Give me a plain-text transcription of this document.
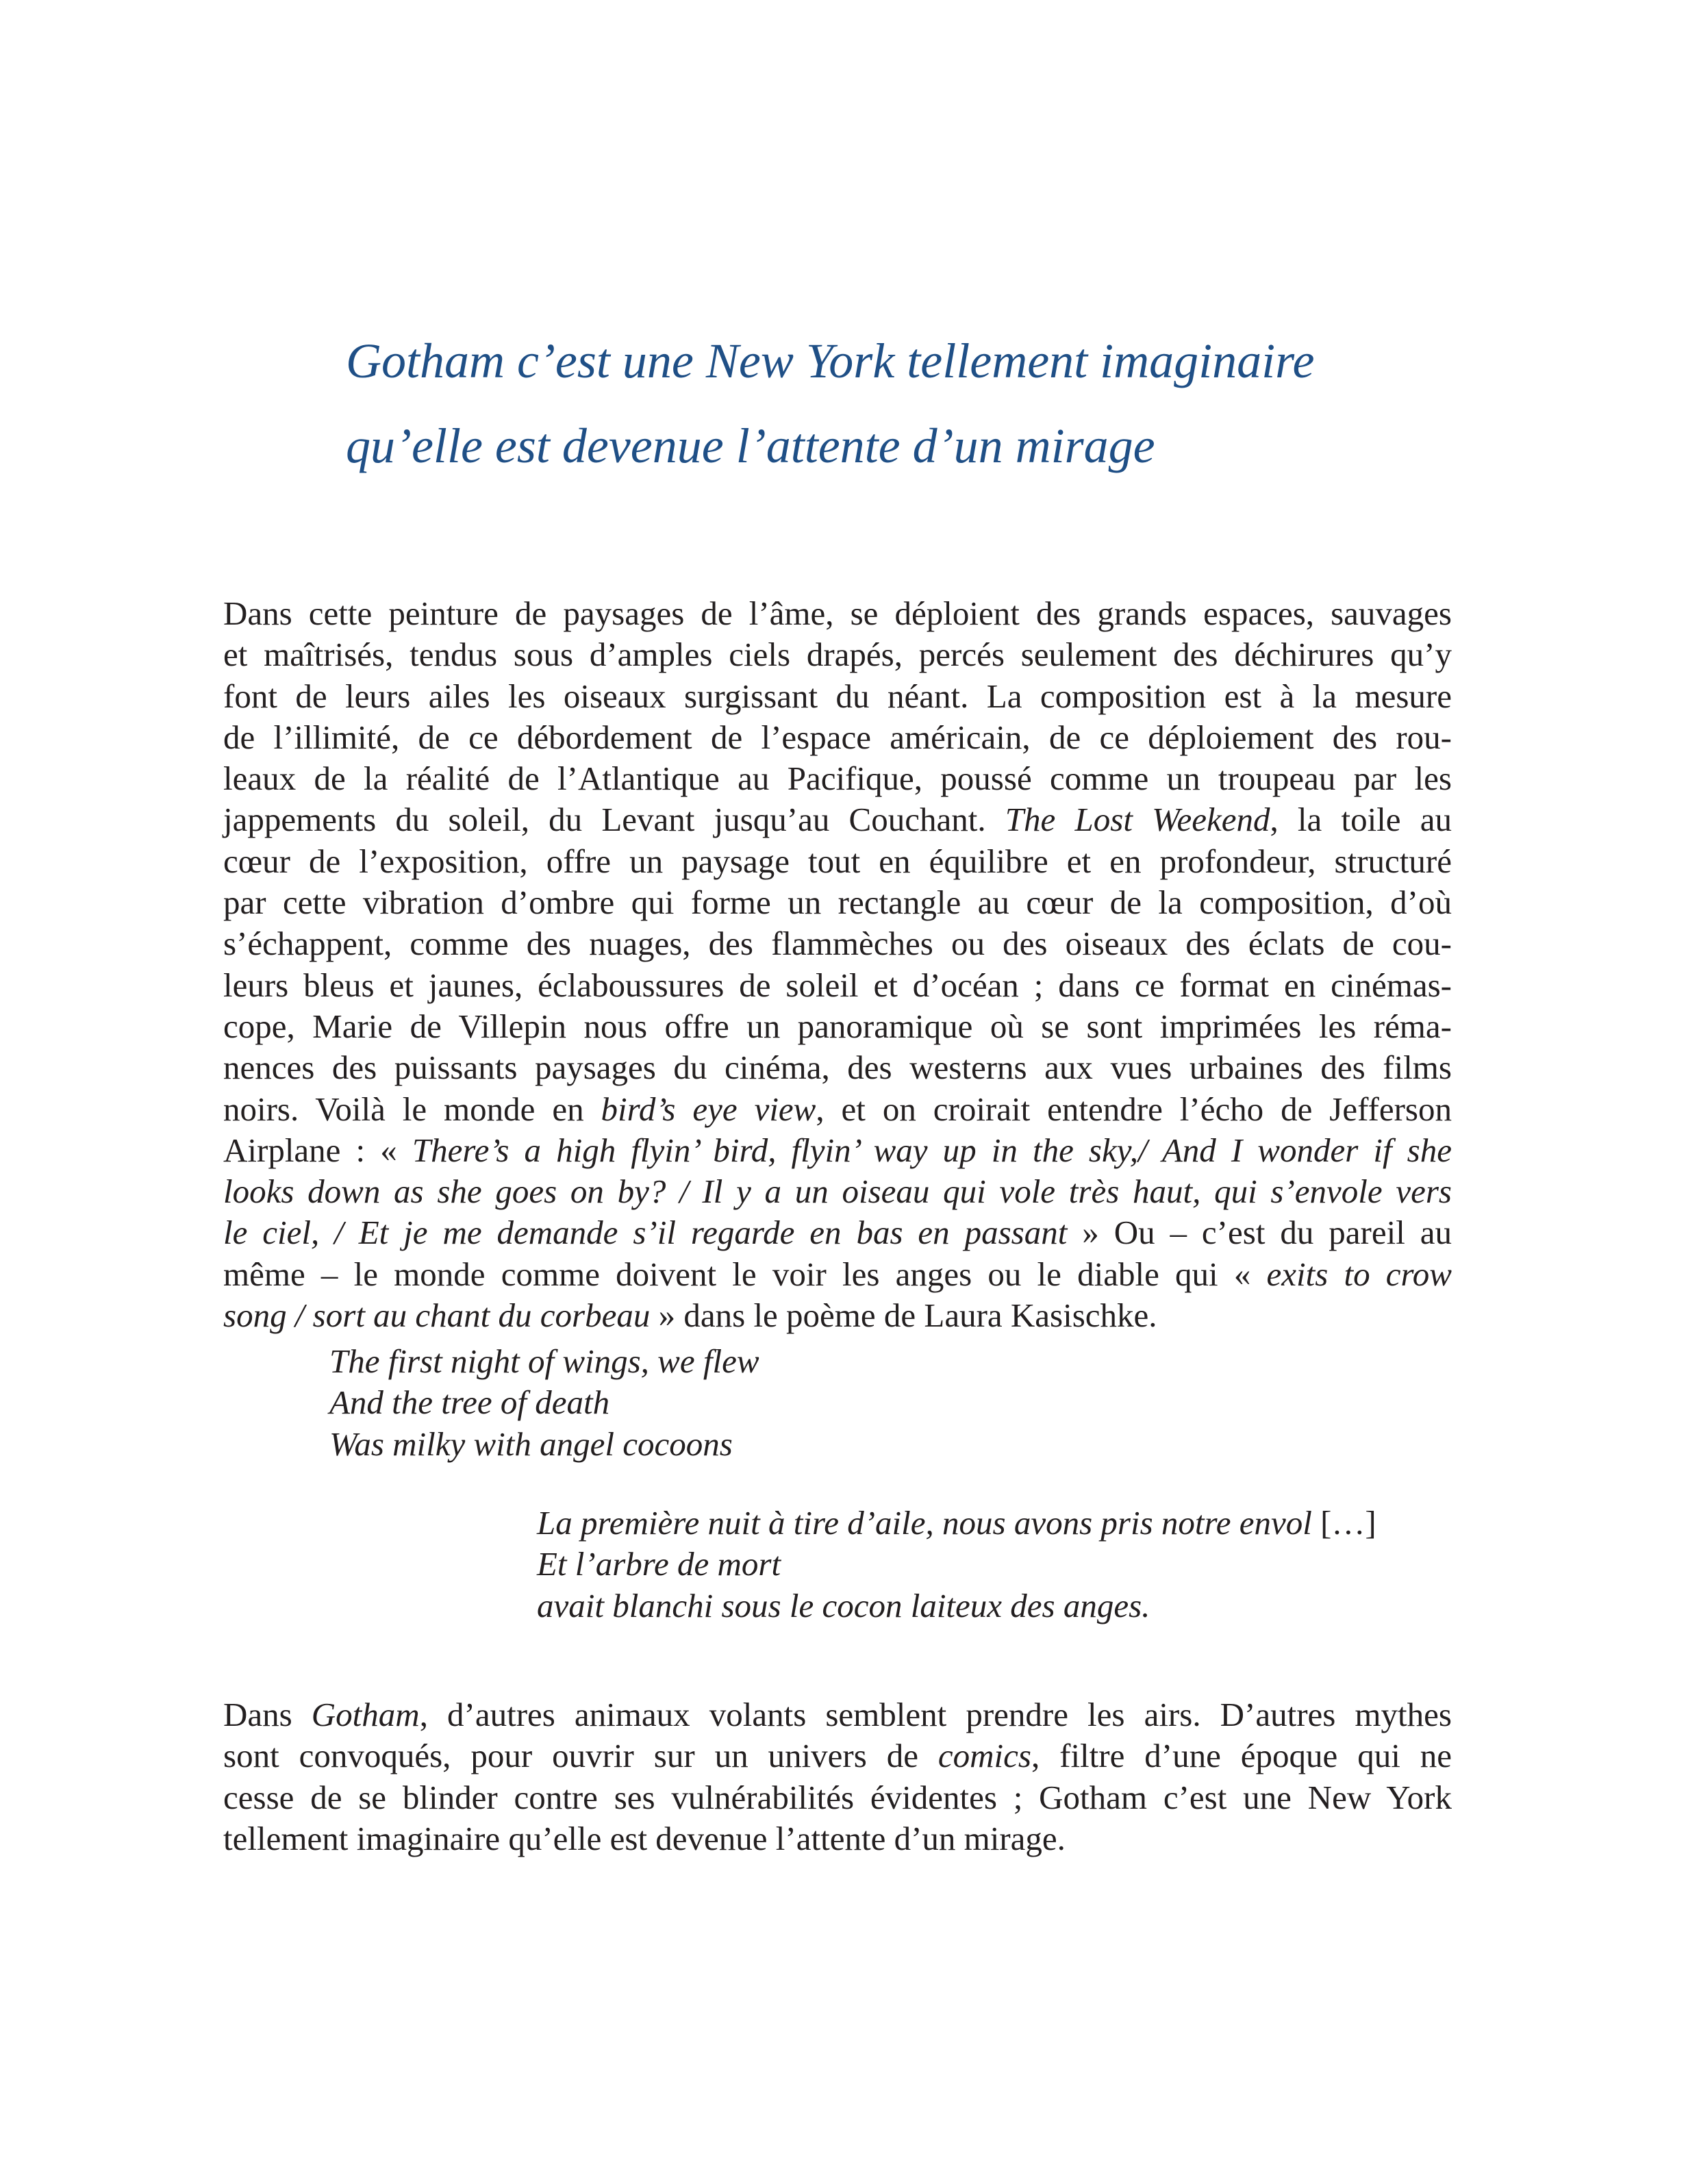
Gotham c’est une New York tellement imaginaire
qu’elle est devenue l’attente d’un mirage
Dans cette peinture de paysages de l’âme, se déploient des grands espaces, sauvages
et maîtrisés, tendus sous d’amples ciels drapés, percés seulement des déchirures qu’y
font de leurs ailes les oiseaux surgissant du néant. La composition est à la mesure
de l’illimité, de ce débordement de l’espace américain, de ce déploiement des rou-
leaux de la réalité de l’Atlantique au Pacifique, poussé comme un troupeau par les
jappements du soleil, du Levant jusqu’au Couchant. The Lost Weekend, la toile au
cœur de l’exposition, offre un paysage tout en équilibre et en profondeur, structuré
par cette vibration d’ombre qui forme un rectangle au cœur de la composition, d’où
s’échappent, comme des nuages, des flammèches ou des oiseaux des éclats de cou-
leurs bleus et jaunes, éclaboussures de soleil et d’océan ; dans ce format en cinémas-
cope, Marie de Villepin nous offre un panoramique où se sont imprimées les réma-
nences des puissants paysages du cinéma, des westerns aux vues urbaines des films
noirs. Voilà le monde en bird’s eye view, et on croirait entendre l’écho de Jefferson
Airplane : « There’s a high flyin’ bird, flyin’ way up in the sky,/ And I wonder if she
looks down as she goes on by? / Il y a un oiseau qui vole très haut, qui s’envole vers
le ciel, / Et je me demande s’il regarde en bas en passant » Ou – c’est du pareil au
même – le monde comme doivent le voir les anges ou le diable qui « exits to crow
song / sort au chant du corbeau » dans le poème de Laura Kasischke.
The first night of wings, we flew
And the tree of death
Was milky with angel cocoons
La première nuit à tire d’aile, nous avons pris notre envol […]
Et l’arbre de mort
avait blanchi sous le cocon laiteux des anges.
Dans Gotham, d’autres animaux volants semblent prendre les airs. D’autres mythes
sont convoqués, pour ouvrir sur un univers de comics, filtre d’une époque qui ne
cesse de se blinder contre ses vulnérabilités évidentes ; Gotham c’est une New York
tellement imaginaire qu’elle est devenue l’attente d’un mirage.
